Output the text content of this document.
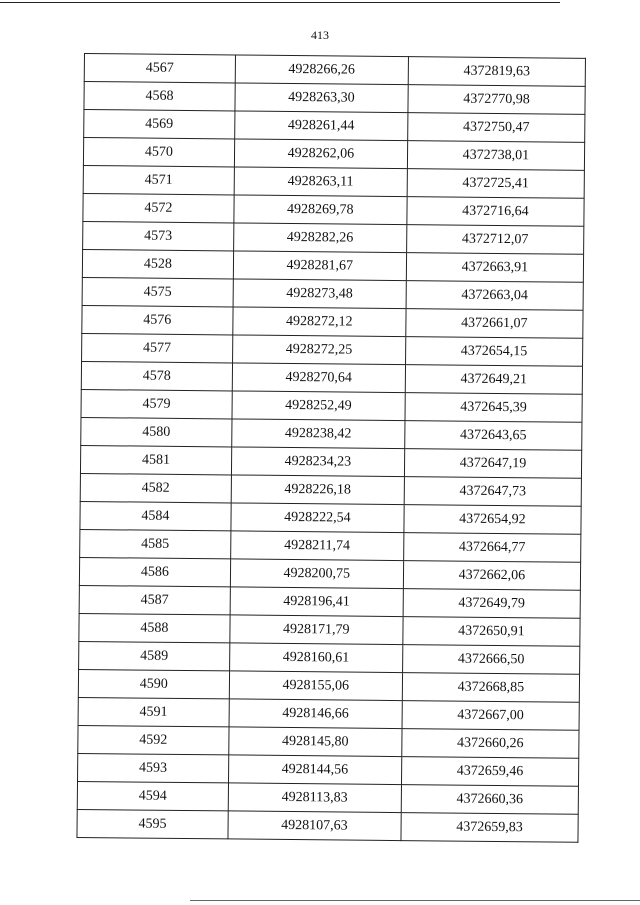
413
4567	4928266,26	4372819,63
4568	4928263,30	4372770,98
4569	4928261,44	4372750,47
4570	4928262,06	4372738,01
4571	4928263,11	4372725,41
4572	4928269,78	4372716,64
4573	4928282,26	4372712,07
4528	4928281,67	4372663,91
4575	4928273,48	4372663,04
4576	4928272,12	4372661,07
4577	4928272,25	4372654,15
4578	4928270,64	4372649,21
4579	4928252,49	4372645,39
4580	4928238,42	4372643,65
4581	4928234,23	4372647,19
4582	4928226,18	4372647,73
4584	4928222,54	4372654,92
4585	4928211,74	4372664,77
4586	4928200,75	4372662,06
4587	4928196,41	4372649,79
4588	4928171,79	4372650,91
4589	4928160,61	4372666,50
4590	4928155,06	4372668,85
4591	4928146,66	4372667,00
4592	4928145,80	4372660,26
4593	4928144,56	4372659,46
4594	4928113,83	4372660,36
4595	4928107,63	4372659,83
